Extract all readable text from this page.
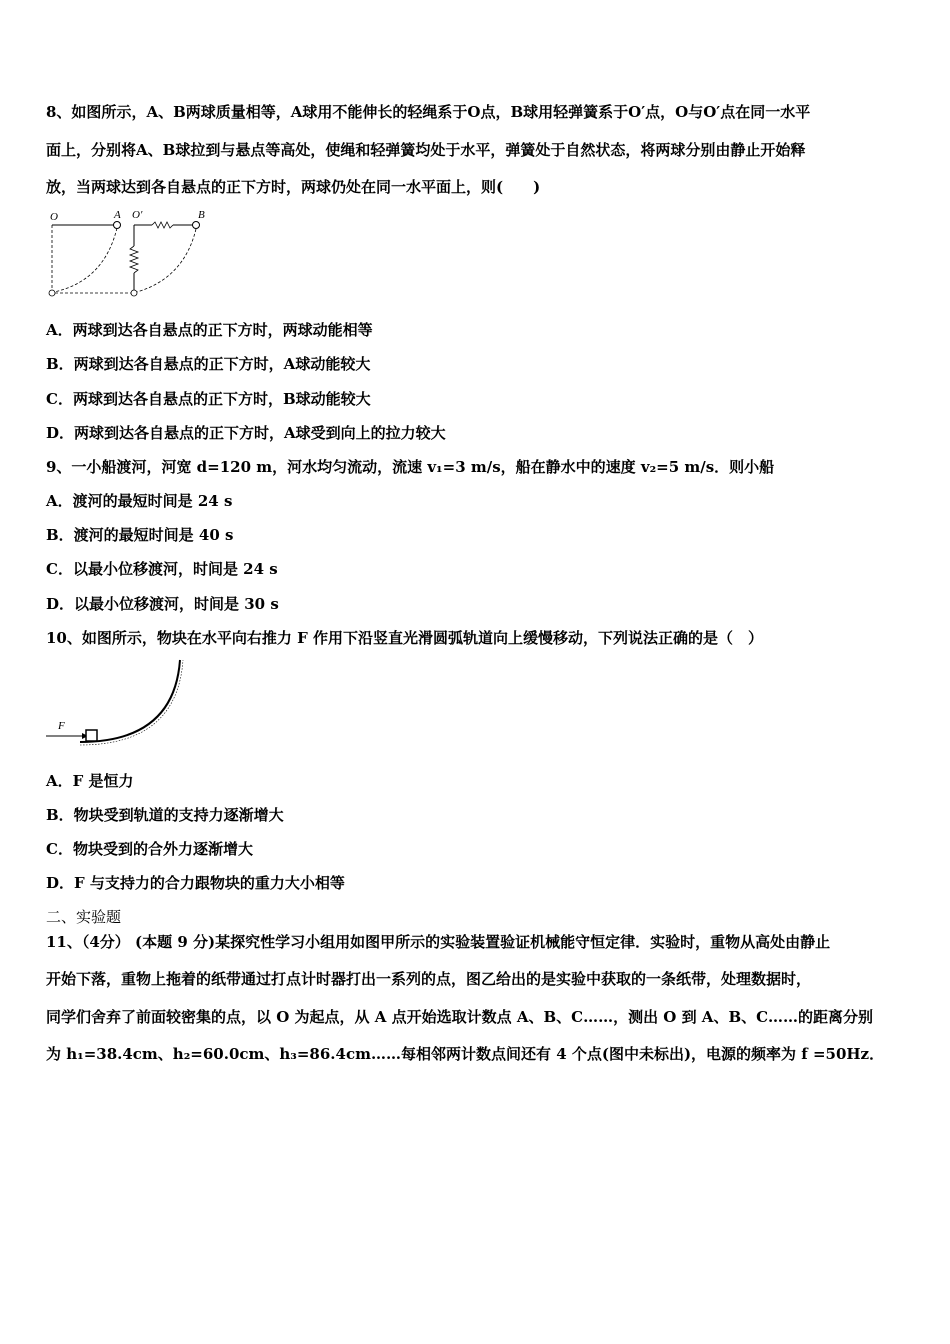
8、如图所示，A、B两球质量相等，A球用不能伸长的轻绳系于O点，B球用轻弹簧系于O′点，O与O′点在同一水平
面上，分别将A、B球拉到与悬点等高处，使绳和轻弹簧均处于水平，弹簧处于自然状态，将两球分别由静止开始释
放，当两球达到各自悬点的正下方时，两球仍处在同一水平面上，则(　　)
O	A O′	B
A．两球到达各自悬点的正下方时，两球动能相等
B．两球到达各自悬点的正下方时，A球动能较大
C．两球到达各自悬点的正下方时，B球动能较大
D．两球到达各自悬点的正下方时，A球受到向上的拉力较大
9、一小船渡河，河宽 d=120 m，河水均匀流动，流速 v₁=3 m/s，船在静水中的速度 v₂=5 m/s．则小船
A．渡河的最短时间是 24 s
B．渡河的最短时间是 40 s
C．以最小位移渡河，时间是 24 s
D．以最小位移渡河，时间是 30 s
10、如图所示，物块在水平向右推力 F 作用下沿竖直光滑圆弧轨道向上缓慢移动，下列说法正确的是（　）
F
A．F 是恒力
B．物块受到轨道的支持力逐渐增大
C．物块受到的合外力逐渐增大
D．F 与支持力的合力跟物块的重力大小相等
二、实验题
11、（4分） (本题 9 分)某探究性学习小组用如图甲所示的实验装置验证机械能守恒定律．实验时，重物从高处由静止
开始下落，重物上拖着的纸带通过打点计时器打出一系列的点，图乙给出的是实验中获取的一条纸带，处理数据时，
同学们舍弃了前面较密集的点，以 O 为起点，从 A 点开始选取计数点 A、B、C……，测出 O 到 A、B、C……的距离分别
为 h₁=38.4cm、h₂=60.0cm、h₃=86.4cm……每相邻两计数点间还有 4 个点(图中未标出)，电源的频率为 f =50Hz．
